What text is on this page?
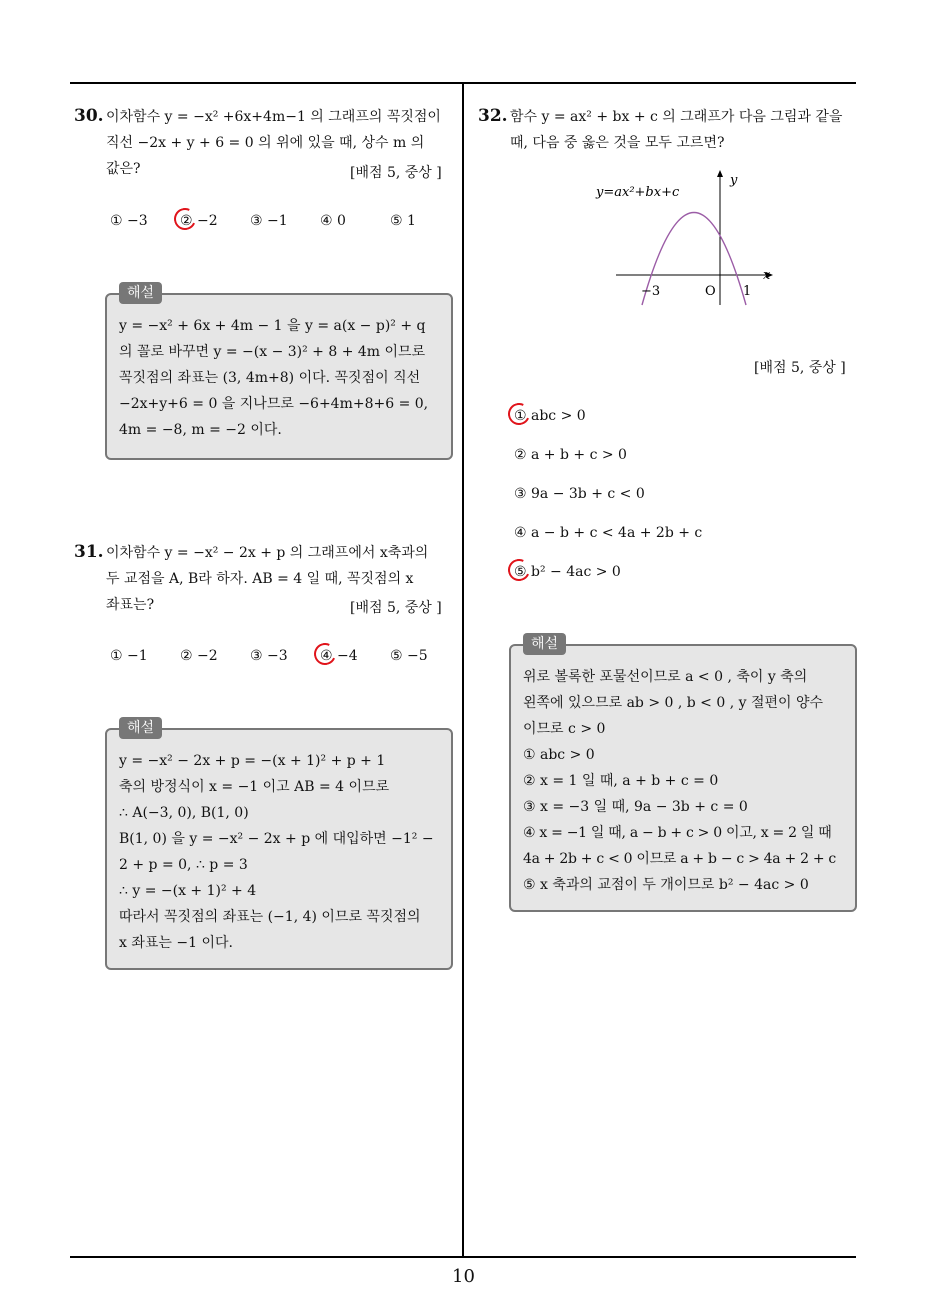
30. 이차함수 y = −x² +6x+4m−1 의 그래프의 꼭짓점이
직선 −2x + y + 6 = 0 의 위에 있을 때, 상수 m 의
값은?	[배점 5, 중상 ]
① −3	② −2	③ −1	④ 0	⑤ 1
해설
y = −x² + 6x + 4m − 1 을 y = a(x − p)² + q
의 꼴로 바꾸면 y = −(x − 3)² + 8 + 4m 이므로
꼭짓점의 좌표는 (3, 4m+8) 이다. 꼭짓점이 직선
−2x+y+6 = 0 을 지나므로 −6+4m+8+6 = 0,
4m = −8, m = −2 이다.
31. 이차함수 y = −x² − 2x + p 의 그래프에서 x축과의
두 교점을 A, B라 하자. AB = 4 일 때, 꼭짓점의 x
좌표는?	[배점 5, 중상 ]
① −1	② −2	③ −3	④ −4	⑤ −5
해설
y = −x² − 2x + p = −(x + 1)² + p + 1
축의 방정식이 x = −1 이고 AB = 4 이므로
∴ A(−3, 0), B(1, 0)
B(1, 0) 을 y = −x² − 2x + p 에 대입하면 −1² −
2 + p = 0, ∴ p = 3
∴ y = −(x + 1)² + 4
따라서 꼭짓점의 좌표는 (−1, 4) 이므로 꼭짓점의
x 좌표는 −1 이다.
32. 함수 y = ax² + bx + c 의 그래프가 다음 그림과 같을
때, 다음 중 옳은 것을 모두 고르면?
y=ax²+bx+c
y
x
O
−3	1
[배점 5, 중상 ]
① abc > 0
② a + b + c > 0
③ 9a − 3b + c < 0
④ a − b + c < 4a + 2b + c
⑤ b² − 4ac > 0
해설
위로 볼록한 포물선이므로 a < 0 , 축이 y 축의
왼쪽에 있으므로 ab > 0 , b < 0 , y 절편이 양수
이므로 c > 0
① abc > 0
② x = 1 일 때, a + b + c = 0
③ x = −3 일 때, 9a − 3b + c = 0
④ x = −1 일 때, a − b + c > 0 이고, x = 2 일 때
4a + 2b + c < 0 이므로 a + b − c > 4a + 2 + c
⑤ x 축과의 교점이 두 개이므로 b² − 4ac > 0
10
